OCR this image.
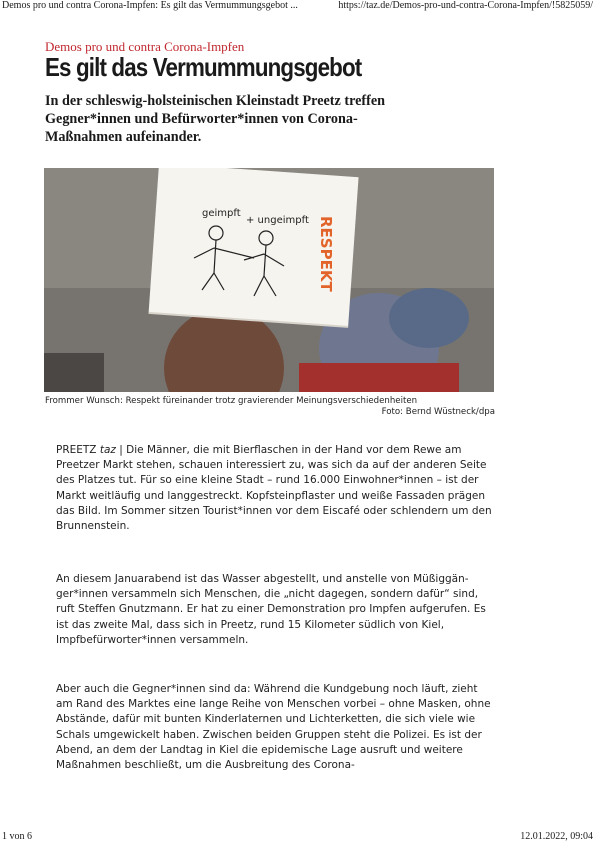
Demos pro und contra Corona-Impfen: Es gilt das Vermummungsgebot ...	https://taz.de/Demos-pro-und-contra-Corona-Impfen/!5825059/
Demos pro und contra Corona-Impfen
Es gilt das Vermummungsgebot
In der schleswig-holsteinischen Kleinstadt Preetz treffen Gegner*innen und Befürworter*innen von Corona-Maßnahmen aufeinander.
geimpft
+ ungeimpft RESPEKT
Frommer Wunsch: Respekt füreinander trotz gravierender Meinungsverschiedenheiten
Foto: Bernd Wüstneck/dpa
PREETZ taz | Die Männer, die mit Bierflaschen in der Hand vor dem Rewe am Preetzer Markt stehen, schauen interessiert zu, was sich da auf der anderen Seite des Platzes tut. Für so eine kleine Stadt – rund 16.000 Einwohner*innen – ist der Markt weitläufig und langgestreckt. Kopfsteinpflaster und weiße Fassaden prägen das Bild. Im Sommer sitzen Tourist*innen vor dem Eiscafé oder schlendern um den Brunnenstein.
An diesem Januarabend ist das Wasser abgestellt, und anstelle von Müßiggänger*innen versammeln sich Menschen, die „nicht dagegen, sondern dafür“ sind, ruft Steffen Gnutzmann. Er hat zu einer Demonstration pro Impfen aufgerufen. Es ist das zweite Mal, dass sich in Preetz, rund 15 Kilometer südlich von Kiel, Impfbefürworter*innen versammeln.
Aber auch die Gegner*innen sind da: Während die Kundgebung noch läuft, zieht am Rand des Marktes eine lange Reihe von Menschen vorbei – ohne Masken, ohne Abstände, dafür mit bunten Kinderlaternen und Lichterketten, die sich viele wie Schals umgewickelt haben. Zwischen beiden Gruppen steht die Polizei. Es ist der Abend, an dem der Landtag in Kiel die epidemische Lage ausruft und weitere Maßnahmen beschließt, um die Ausbreitung des Corona-
1 von 6	12.01.2022, 09:04
